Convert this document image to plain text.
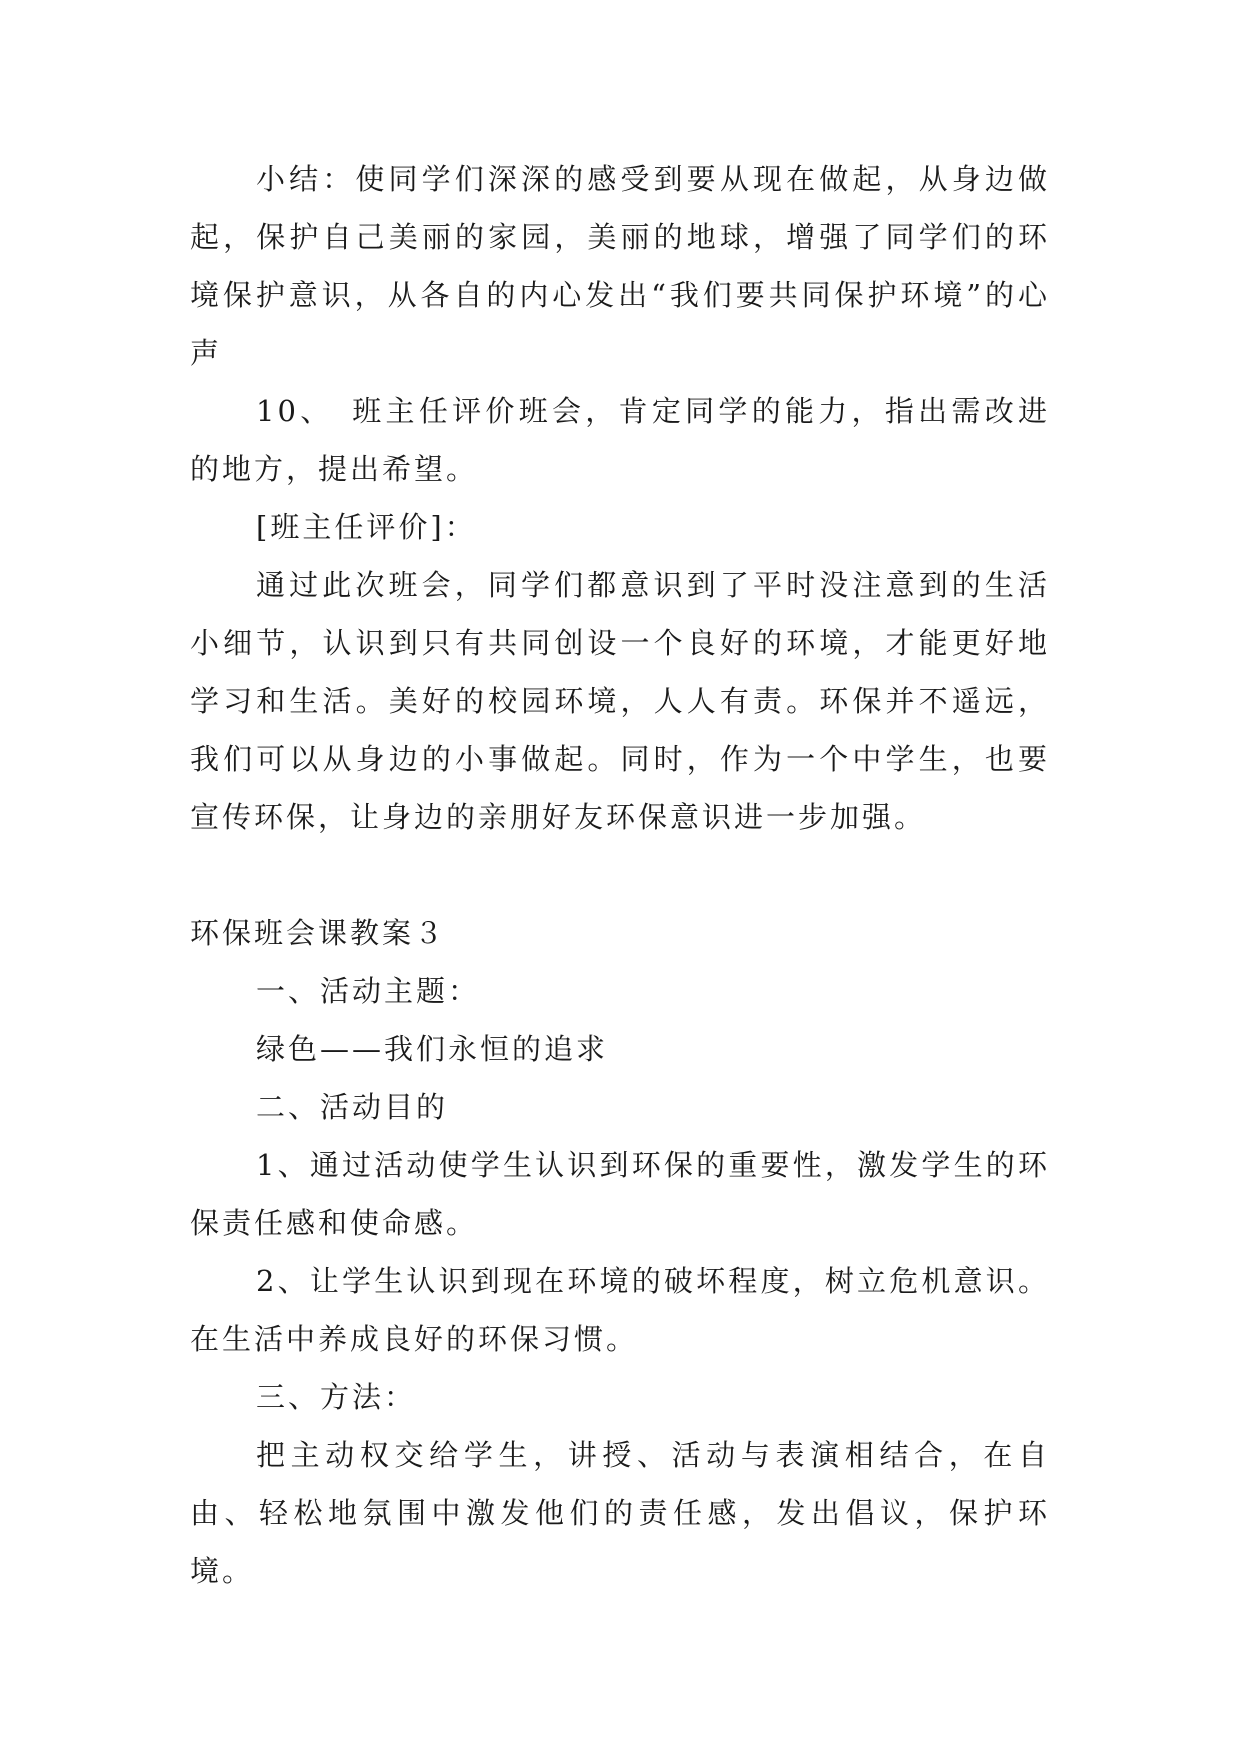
小结：使同学们深深的感受到要从现在做起，从身边做起，保护自己美丽的家园，美丽的地球，增强了同学们的环境保护意识，从各自的内心发出“我们要共同保护环境”的心声

10、　班主任评价班会，肯定同学的能力，指出需改进的地方，提出希望。

[班主任评价]：

通过此次班会，同学们都意识到了平时没注意到的生活小细节，认识到只有共同创设一个良好的环境，才能更好地学习和生活。美好的校园环境，人人有责。环保并不遥远，我们可以从身边的小事做起。同时，作为一个中学生，也要宣传环保，让身边的亲朋好友环保意识进一步加强。

环保班会课教案３

一、活动主题：

绿色——我们永恒的追求

二、活动目的

1、通过活动使学生认识到环保的重要性，激发学生的环保责任感和使命感。

2、让学生认识到现在环境的破坏程度，树立危机意识。在生活中养成良好的环保习惯。

三、方法：

把主动权交给学生，讲授、活动与表演相结合，在自由、轻松地氛围中激发他们的责任感，发出倡议，保护环境。
